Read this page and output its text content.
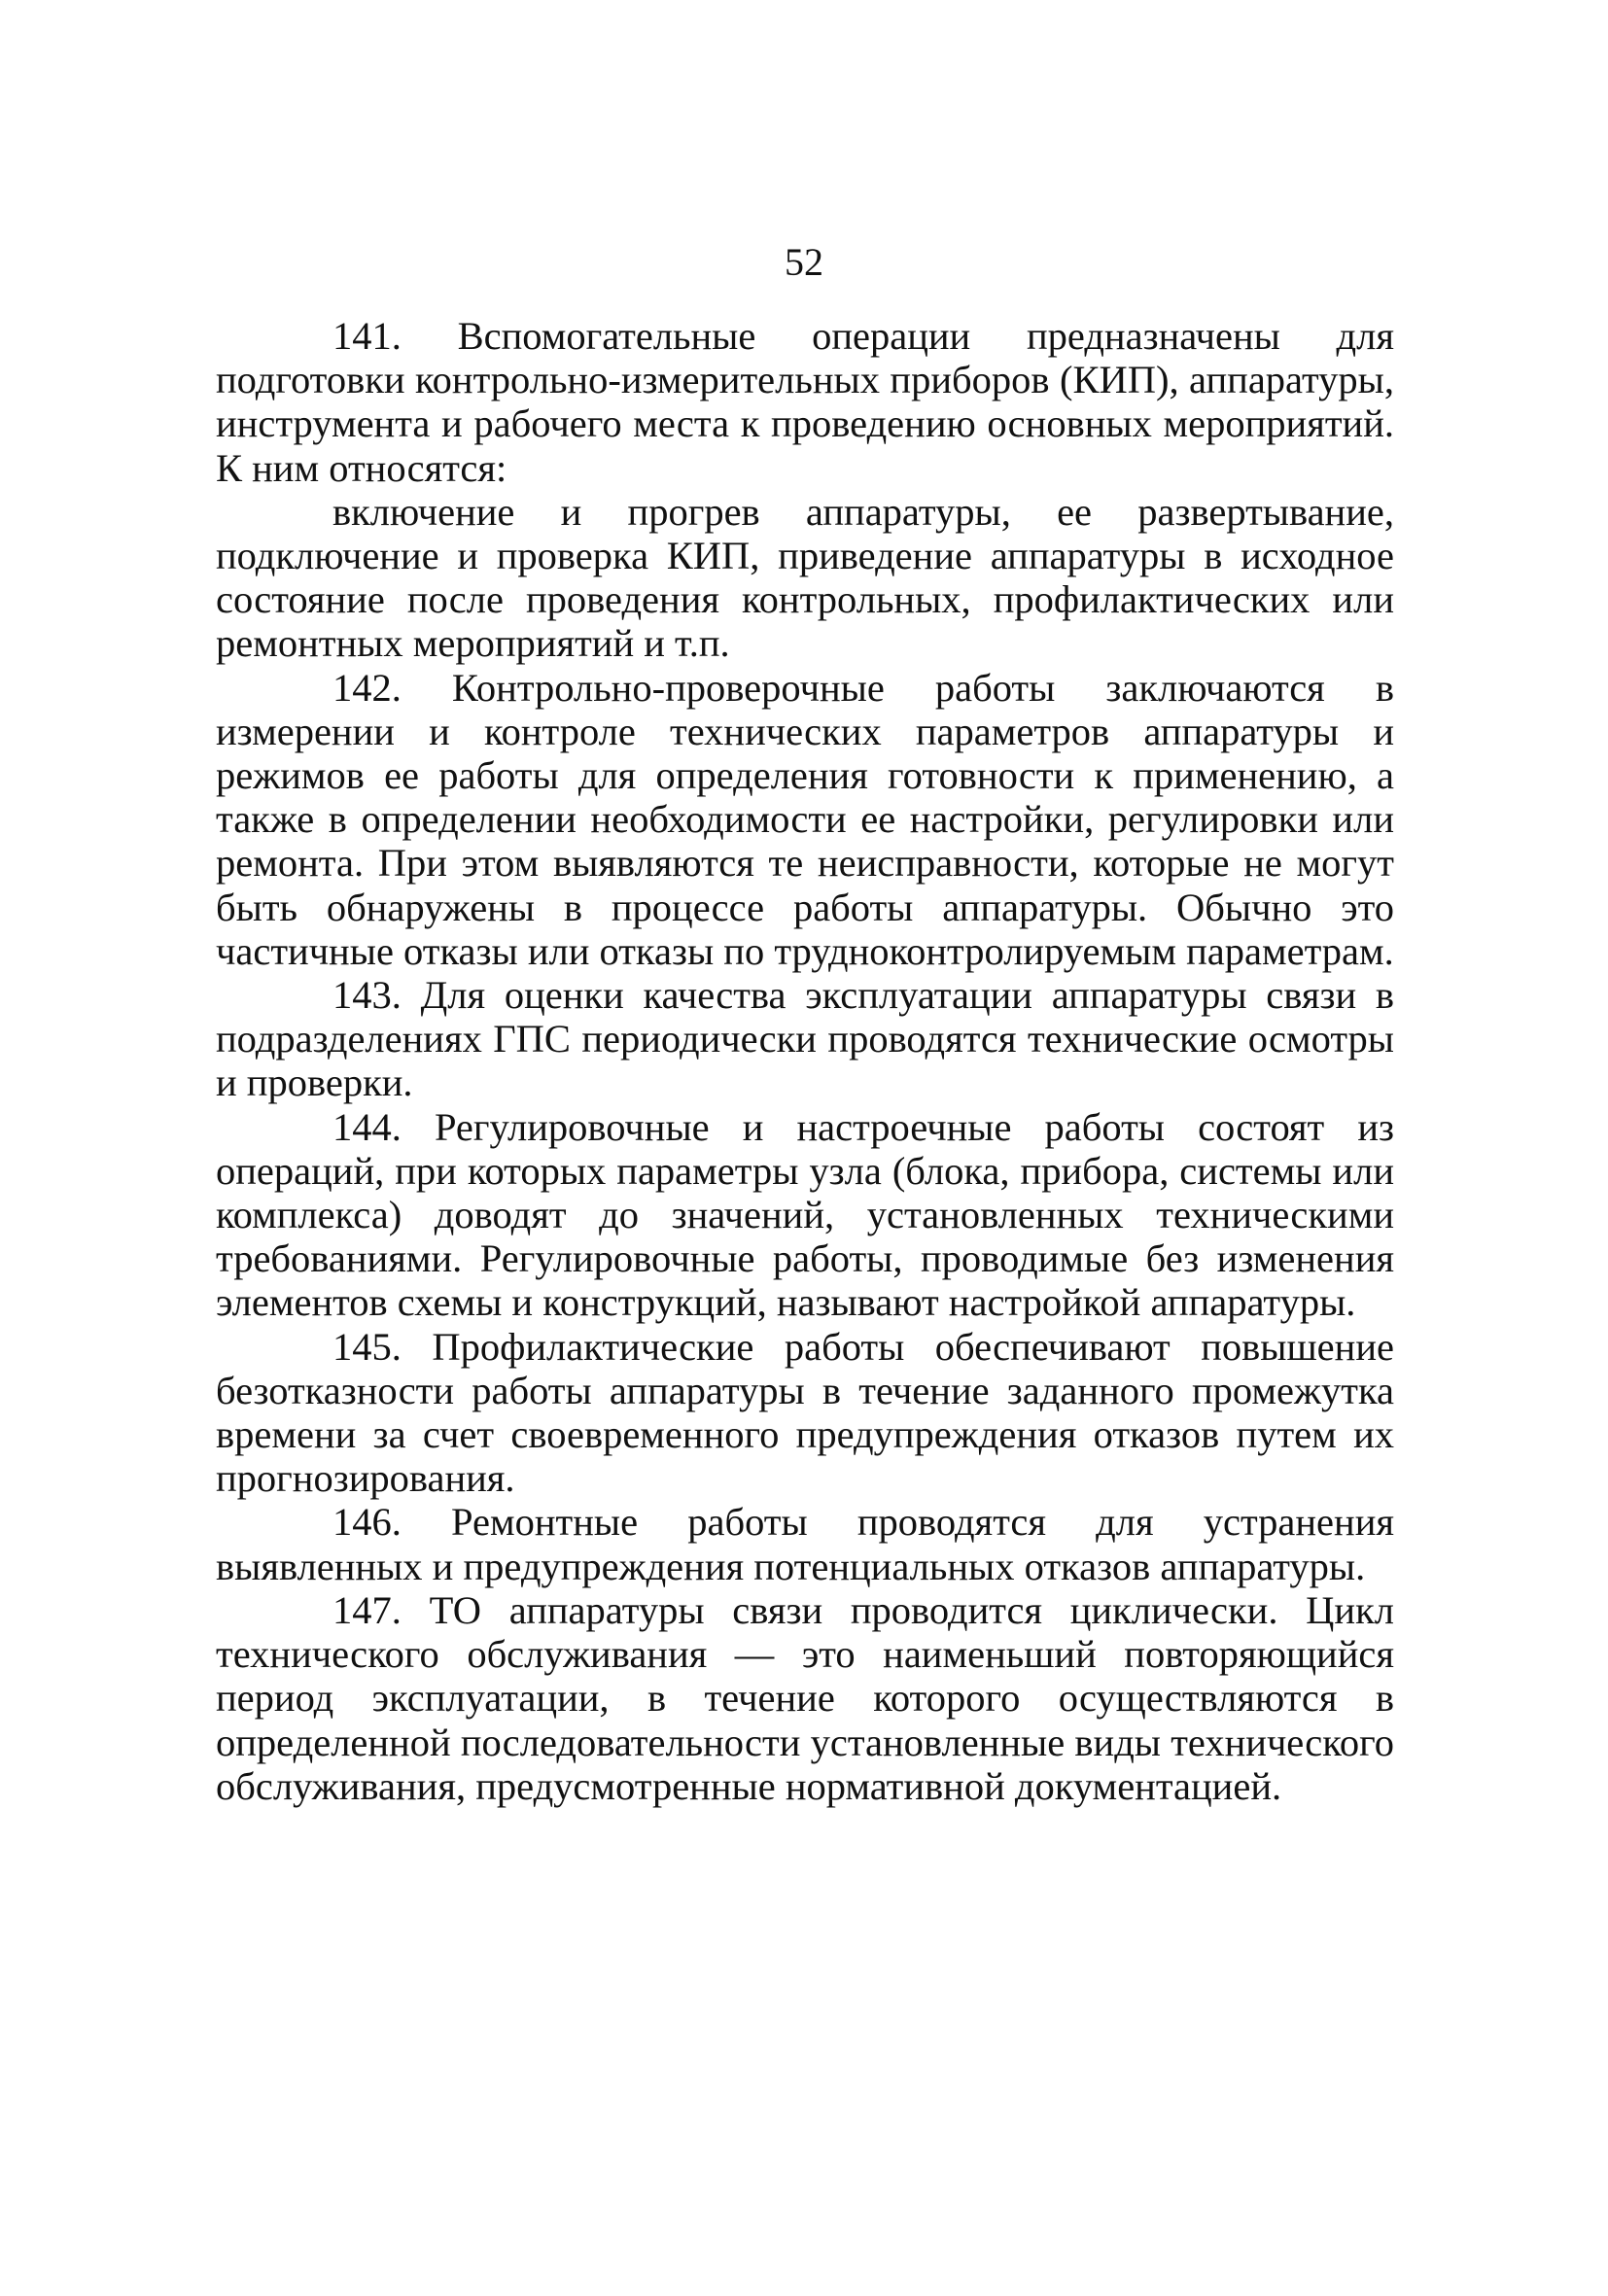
52

141. Вспомогательные операции предназначены для подготовки контрольно-измерительных приборов (КИП), аппаратуры, инструмента и рабочего места к проведению основных мероприятий. К ним относятся:

включение и прогрев аппаратуры, ее развертывание, подключение и проверка КИП, приведение аппаратуры в исходное состояние после проведения контрольных, профилактических или ремонтных мероприятий и т.п.

142. Контрольно-проверочные работы заключаются в измерении и контроле технических параметров аппаратуры и режимов ее работы для определения готовности к применению, а также в определении необходимости ее настройки, регулировки или ремонта. При этом выявляются те неисправности, которые не могут быть обнаружены в процессе работы аппаратуры. Обычно это частичные отказы или отказы по трудноконтролируемым параметрам.

143. Для оценки качества эксплуатации аппаратуры связи в подразделениях ГПС периодически проводятся технические осмотры и проверки.

144. Регулировочные и настроечные работы состоят из операций, при которых параметры узла (блока, прибора, системы или комплекса) доводят до значений, установленных техническими требованиями. Регулировочные работы, проводимые без изменения элементов схемы и конструкций, называют настройкой аппаратуры.

145. Профилактические работы обеспечивают повышение безотказности работы аппаратуры в течение заданного промежутка времени за счет своевременного предупреждения отказов путем их прогнозирования.

146. Ремонтные работы проводятся для устранения выявленных и предупреждения потенциальных отказов аппаратуры.

147. ТО аппаратуры связи проводится циклически. Цикл технического обслуживания — это наименьший повторяющийся период эксплуатации, в течение которого осуществляются в определенной последовательности установленные виды технического обслуживания, предусмотренные нормативной документацией.
